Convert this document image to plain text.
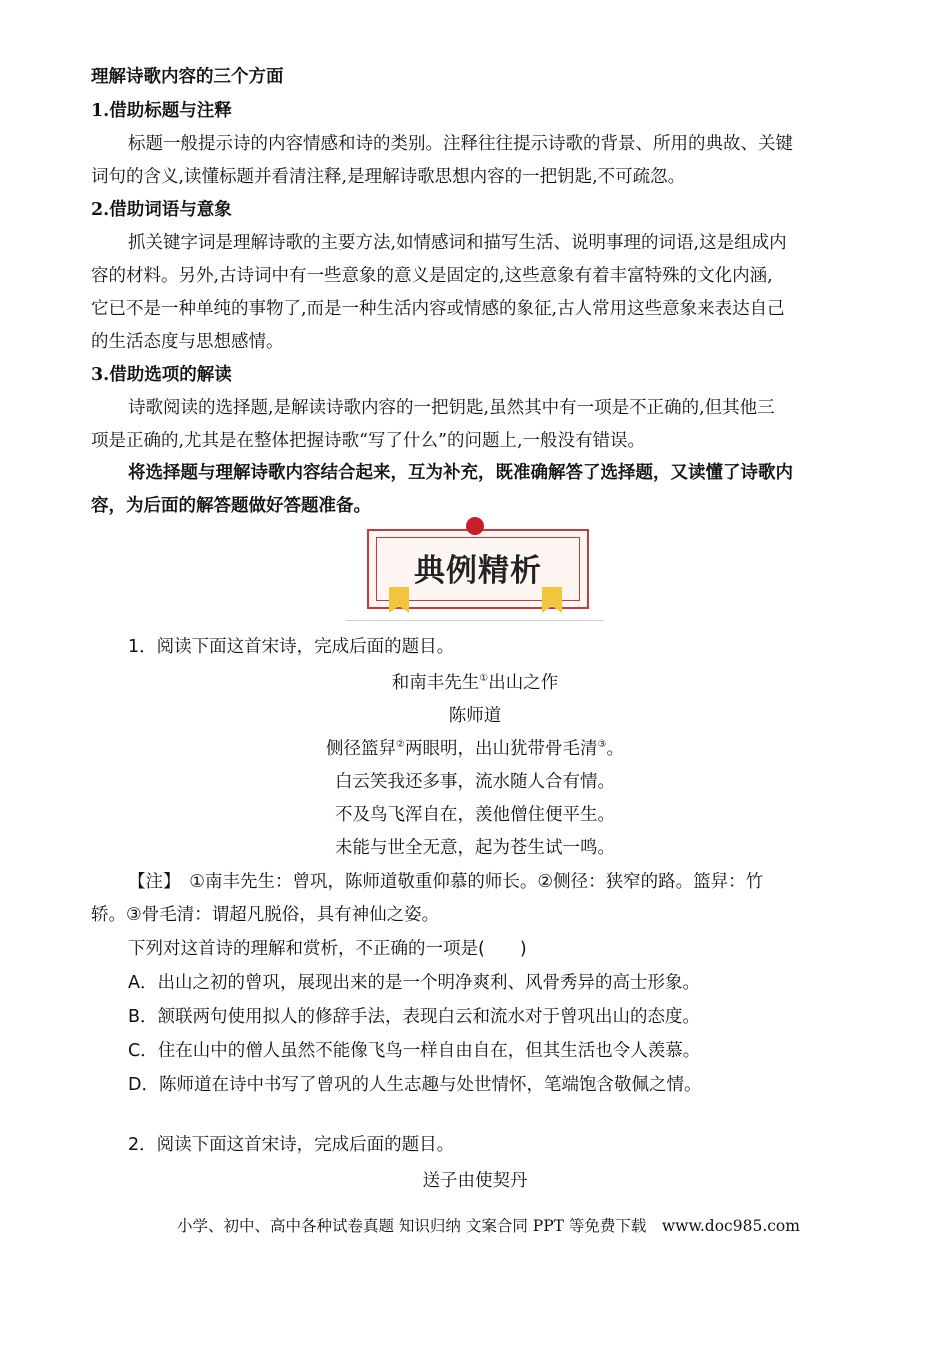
理解诗歌内容的三个方面
1.借助标题与注释
标题一般提示诗的内容情感和诗的类别。注释往往提示诗歌的背景、所用的典故、关键
词句的含义,读懂标题并看清注释,是理解诗歌思想内容的一把钥匙,不可疏忽。
2.借助词语与意象
抓关键字词是理解诗歌的主要方法,如情感词和描写生活、说明事理的词语,这是组成内
容的材料。另外,古诗词中有一些意象的意义是固定的,这些意象有着丰富特殊的文化内涵,
它已不是一种单纯的事物了,而是一种生活内容或情感的象征,古人常用这些意象来表达自己
的生活态度与思想感情。
3.借助选项的解读
诗歌阅读的选择题,是解读诗歌内容的一把钥匙,虽然其中有一项是不正确的,但其他三
项是正确的,尤其是在整体把握诗歌“写了什么”的问题上,一般没有错误。
将选择题与理解诗歌内容结合起来，互为补充，既准确解答了选择题，又读懂了诗歌内
容，为后面的解答题做好答题准备。
典例精析
1．阅读下面这首宋诗，完成后面的题目。
和南丰先生①出山之作
陈师道
侧径篮舁②两眼明，出山犹带骨毛清③。
白云笑我还多事，流水随人合有情。
不及鸟飞浑自在，羡他僧住便平生。
未能与世全无意，起为苍生试一鸣。
【注】　①南丰先生：曾巩，陈师道敬重仰慕的师长。②侧径：狭窄的路。篮舁：竹
轿。③骨毛清：谓超凡脱俗，具有神仙之姿。
下列对这首诗的理解和赏析，不正确的一项是(　　)
A．出山之初的曾巩，展现出来的是一个明净爽利、风骨秀异的高士形象。
B．颔联两句使用拟人的修辞手法，表现白云和流水对于曾巩出山的态度。
C．住在山中的僧人虽然不能像飞鸟一样自由自在，但其生活也令人羡慕。
D．陈师道在诗中书写了曾巩的人生志趣与处世情怀，笔端饱含敬佩之情。
2．阅读下面这首宋诗，完成后面的题目。
送子由使契丹
小学、初中、高中各种试卷真题 知识归纳 文案合同 PPT 等免费下载　www.doc985.com
